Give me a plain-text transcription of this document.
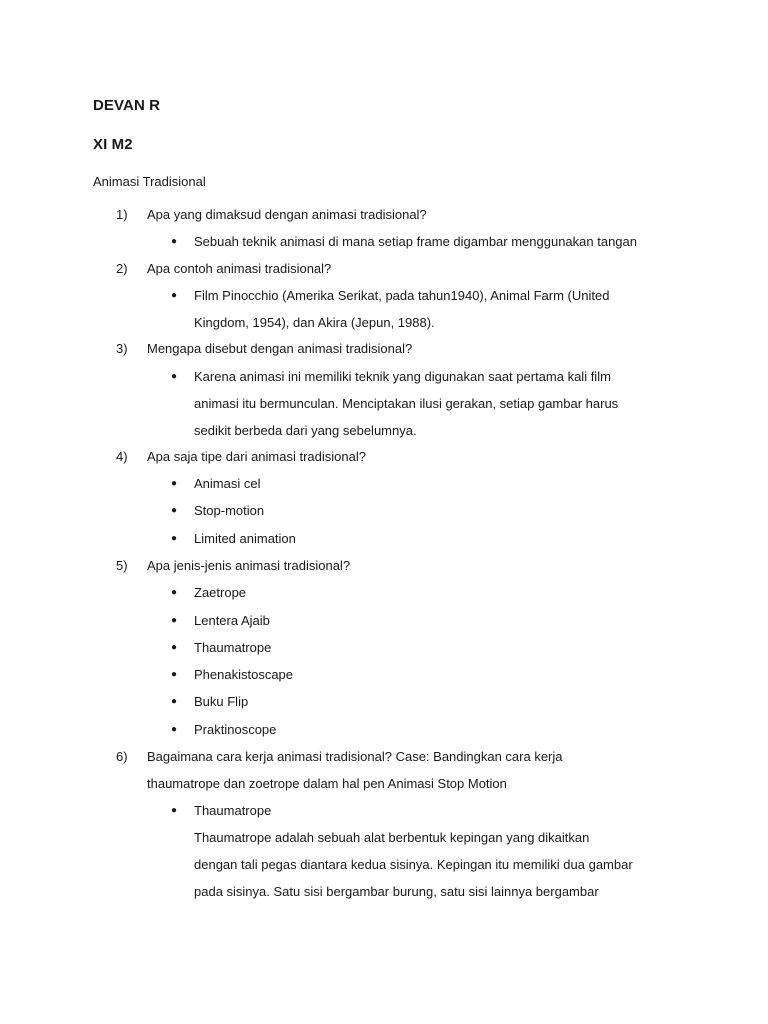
DEVAN R
XI M2
Animasi Tradisional
1) Apa yang dimaksud dengan animasi tradisional?
● Sebuah teknik animasi di mana setiap frame digambar menggunakan tangan
2) Apa contoh animasi tradisional?
● Film Pinocchio (Amerika Serikat, pada tahun1940), Animal Farm (United
Kingdom, 1954), dan Akira (Jepun, 1988).
3) Mengapa disebut dengan animasi tradisional?
● Karena animasi ini memiliki teknik yang digunakan saat pertama kali film
animasi itu bermunculan. Menciptakan ilusi gerakan, setiap gambar harus
sedikit berbeda dari yang sebelumnya.
4) Apa saja tipe dari animasi tradisional?
● Animasi cel
● Stop-motion
● Limited animation
5) Apa jenis-jenis animasi tradisional?
● Zaetrope
● Lentera Ajaib
● Thaumatrope
● Phenakistoscape
● Buku Flip
● Praktinoscope
6) Bagaimana cara kerja animasi tradisional? Case: Bandingkan cara kerja
thaumatrope dan zoetrope dalam hal pen Animasi Stop Motion
● Thaumatrope
Thaumatrope adalah sebuah alat berbentuk kepingan yang dikaitkan
dengan tali pegas diantara kedua sisinya. Kepingan itu memiliki dua gambar
pada sisinya. Satu sisi bergambar burung, satu sisi lainnya bergambar
